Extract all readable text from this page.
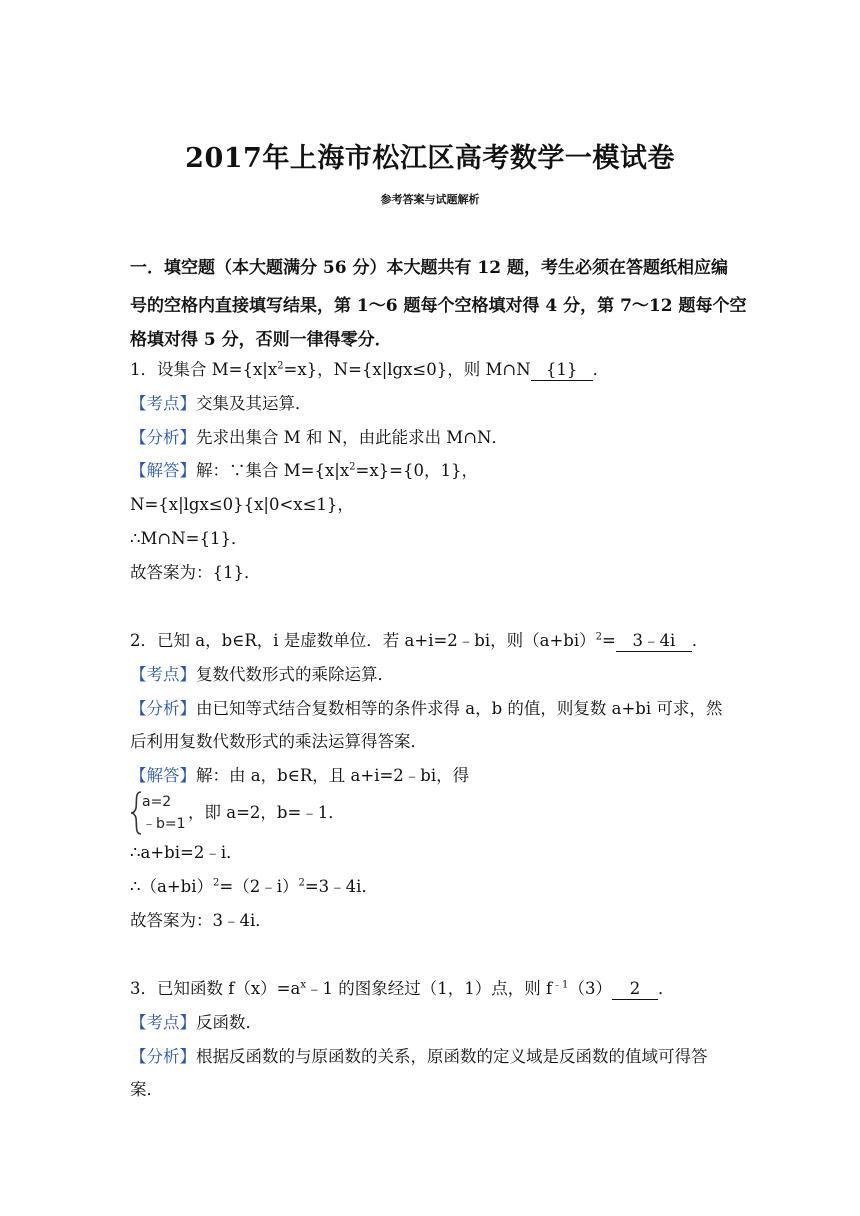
2017年上海市松江区高考数学一模试卷
参考答案与试题解析
一．填空题（本大题满分 56 分）本大题共有 12 题，考生必须在答题纸相应编
号的空格内直接填写结果，第 1～6 题每个空格填对得 4 分，第 7～12 题每个空
格填对得 5 分，否则一律得零分．
1．设集合 $M=\{x|x^2=x\}$，N={x|lgx≤0}，则 M∩N {1} ．
【考点】交集及其运算．
【分析】先求出集合 M 和 N，由此能求出 M∩N．
【解答】解：∵集合 $M=\{x|x^2=x\}=\{0$，1}，
N={x|lgx≤0}{x|0<x≤1}，
∴M∩N={1}．
故答案为：{1}．
2．已知 a，b∈R，i 是虚数单位．若 a+i=2﹣bi，则$(a+bi)^2=$ 3﹣4i ．
【考点】复数代数形式的乘除运算．
【分析】由已知等式结合复数相等的条件求得 a，b 的值，则复数 a+bi 可求，然
后利用复数代数形式的乘法运算得答案．
【解答】解：由 a，b∈R，且 a+i=2﹣bi，得
a=2
﹣b=1
，即 a=2，b=﹣1．
∴a+bi=2﹣i．
$\therefore(a+bi)^2=(2﹣i)^2=3﹣4i$．
故答案为：3﹣4i．
3．已知函数 $f(x)=a^x﹣1$ 的图象经过（1，1）点，则 $f^{﹣1}(3)$ 2 ．
【考点】反函数．
【分析】根据反函数的与原函数的关系，原函数的定义域是反函数的值域可得答
案．
